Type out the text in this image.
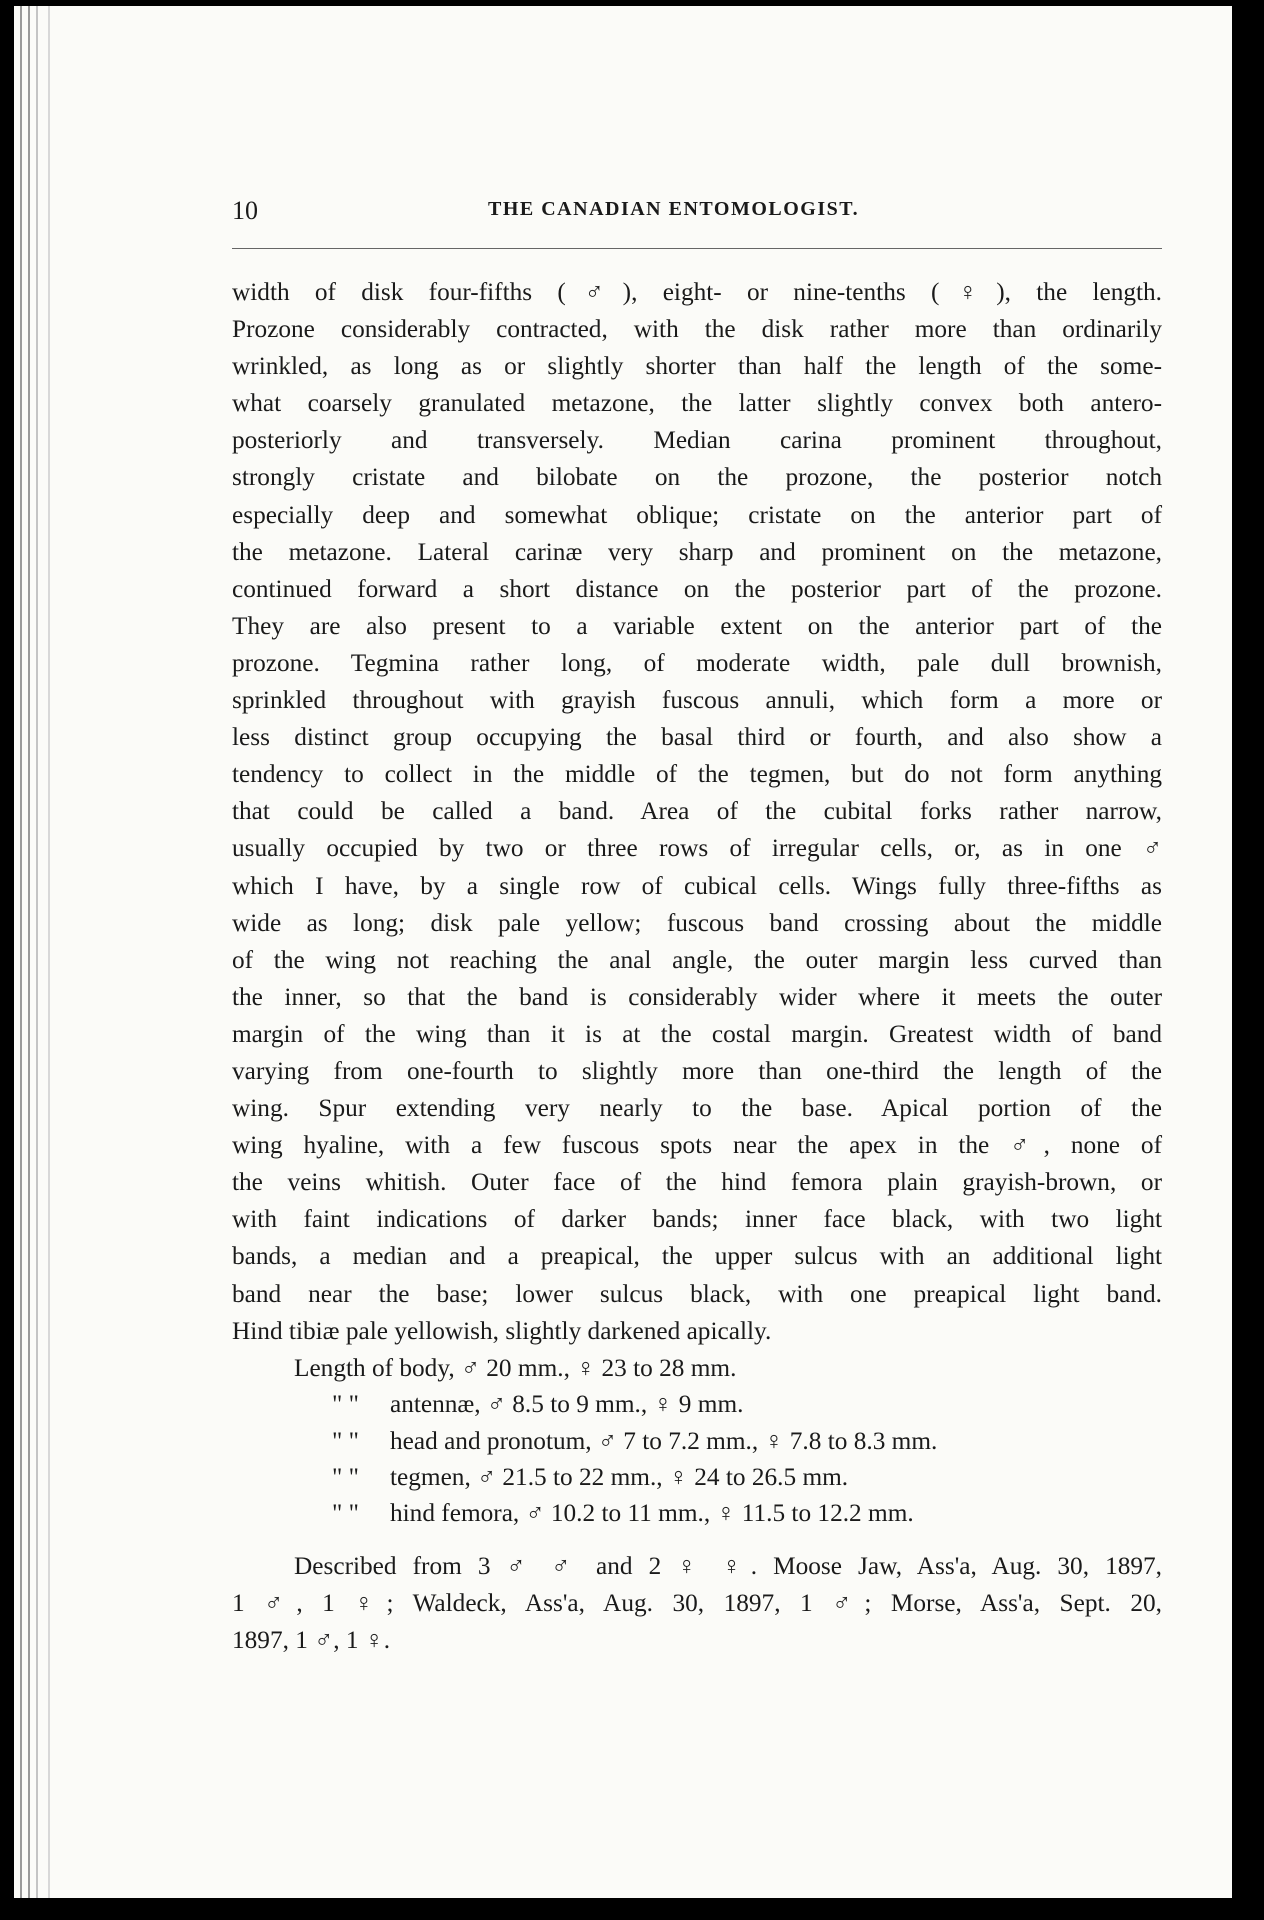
10	THE CANADIAN ENTOMOLOGIST.
width of disk four-fifths (♂), eight- or nine-tenths (♀), the length.
Prozone considerably contracted, with the disk rather more than ordinarily
wrinkled, as long as or slightly shorter than half the length of the some-
what coarsely granulated metazone, the latter slightly convex both antero-
posteriorly and transversely. Median carina prominent throughout,
strongly cristate and bilobate on the prozone, the posterior notch
especially deep and somewhat oblique; cristate on the anterior part of
the metazone. Lateral carinæ very sharp and prominent on the metazone,
continued forward a short distance on the posterior part of the prozone.
They are also present to a variable extent on the anterior part of the
prozone. Tegmina rather long, of moderate width, pale dull brownish,
sprinkled throughout with grayish fuscous annuli, which form a more or
less distinct group occupying the basal third or fourth, and also show a
tendency to collect in the middle of the tegmen, but do not form anything
that could be called a band. Area of the cubital forks rather narrow,
usually occupied by two or three rows of irregular cells, or, as in one ♂
which I have, by a single row of cubical cells. Wings fully three-fifths as
wide as long; disk pale yellow; fuscous band crossing about the middle
of the wing not reaching the anal angle, the outer margin less curved than
the inner, so that the band is considerably wider where it meets the outer
margin of the wing than it is at the costal margin. Greatest width of band
varying from one-fourth to slightly more than one-third the length of the
wing. Spur extending very nearly to the base. Apical portion of the
wing hyaline, with a few fuscous spots near the apex in the ♂, none of
the veins whitish. Outer face of the hind femora plain grayish-brown, or
with faint indications of darker bands; inner face black, with two light
bands, a median and a preapical, the upper sulcus with an additional light
band near the base; lower sulcus black, with one preapical light band.
Hind tibiæ pale yellowish, slightly darkened apically.
Length of body, ♂ 20 mm., ♀ 23 to 28 mm.
" " antennæ, ♂ 8.5 to 9 mm., ♀ 9 mm.
" " head and pronotum, ♂ 7 to 7.2 mm., ♀ 7.8 to 8.3 mm.
" " tegmen, ♂ 21.5 to 22 mm., ♀ 24 to 26.5 mm.
" " hind femora, ♂ 10.2 to 11 mm., ♀ 11.5 to 12.2 mm.
Described from 3 ♂ ♂ and 2 ♀ ♀. Moose Jaw, Ass'a, Aug. 30, 1897,
1 ♂, 1 ♀; Waldeck, Ass'a, Aug. 30, 1897, 1 ♂; Morse, Ass'a, Sept. 20,
1897, 1 ♂, 1 ♀.
